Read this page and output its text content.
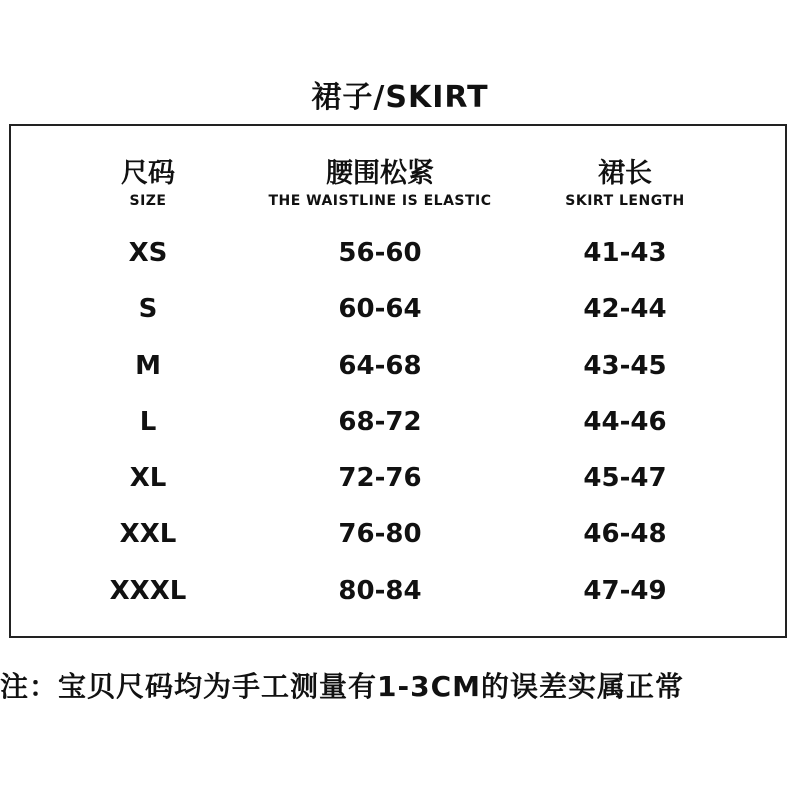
裙子/SKIRT
尺码
SIZE
XS
S
M
L
XL
XXL
XXXL
腰围松紧
THE WAISTLINE IS ELASTIC
56-60
60-64
64-68
68-72
72-76
76-80
80-84
裙长
SKIRT LENGTH
41-43
42-44
43-45
44-46
45-47
46-48
47-49
注：宝贝尺码均为手工测量有1-3CM的误差实属正常
